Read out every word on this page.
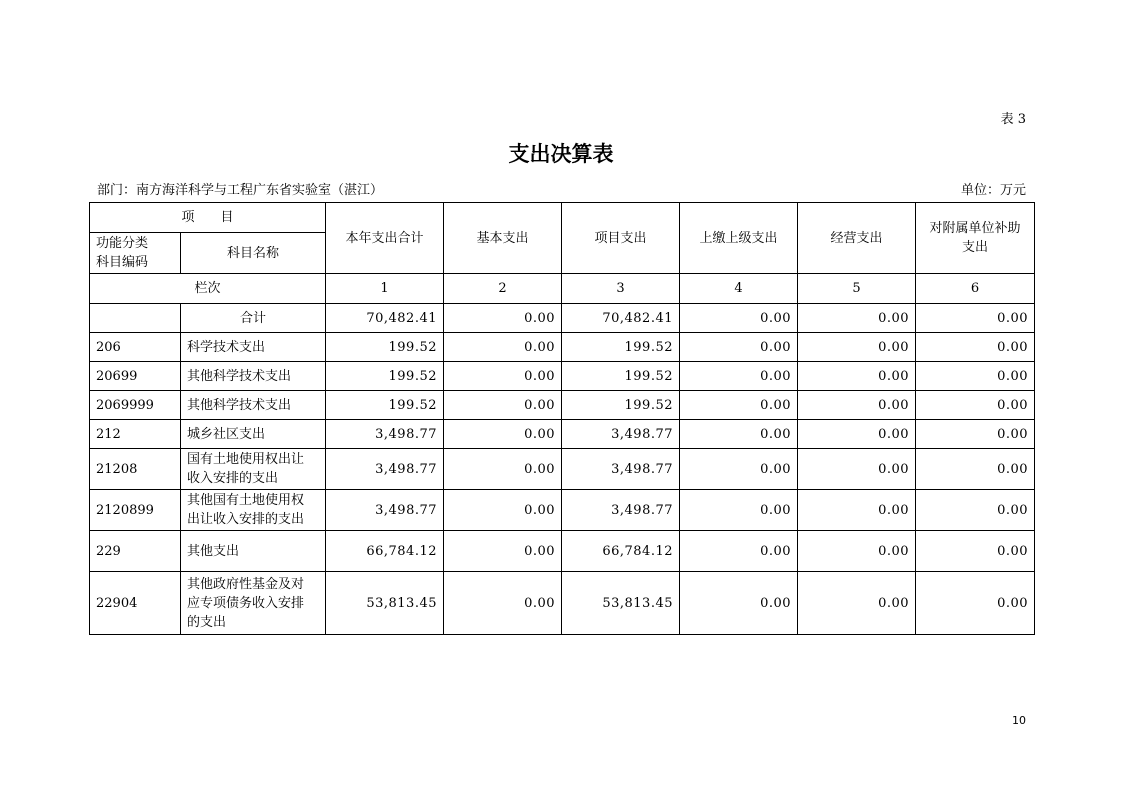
表 3
支出决算表
部门：南方海洋科学与工程广东省实验室（湛江）	单位：万元
项　　目		本年支出合计	基本支出	项目支出	上缴上级支出	经营支出	对附属单位补助
支出
功能分类
科目编码	科目名称						
栏次		1	2	3	4	5	6
	合计	70,482.41	0.00	70,482.41	0.00	0.00	0.00
206	科学技术支出	199.52	0.00	199.52	0.00	0.00	0.00
20699	其他科学技术支出	199.52	0.00	199.52	0.00	0.00	0.00
2069999	其他科学技术支出	199.52	0.00	199.52	0.00	0.00	0.00
212	城乡社区支出	3,498.77	0.00	3,498.77	0.00	0.00	0.00
21208	国有土地使用权出让
收入安排的支出	3,498.77	0.00	3,498.77	0.00	0.00	0.00
2120899	其他国有土地使用权
出让收入安排的支出	3,498.77	0.00	3,498.77	0.00	0.00	0.00
229	其他支出	66,784.12	0.00	66,784.12	0.00	0.00	0.00
22904	其他政府性基金及对
应专项债务收入安排
的支出	53,813.45	0.00	53,813.45	0.00	0.00	0.00
10
